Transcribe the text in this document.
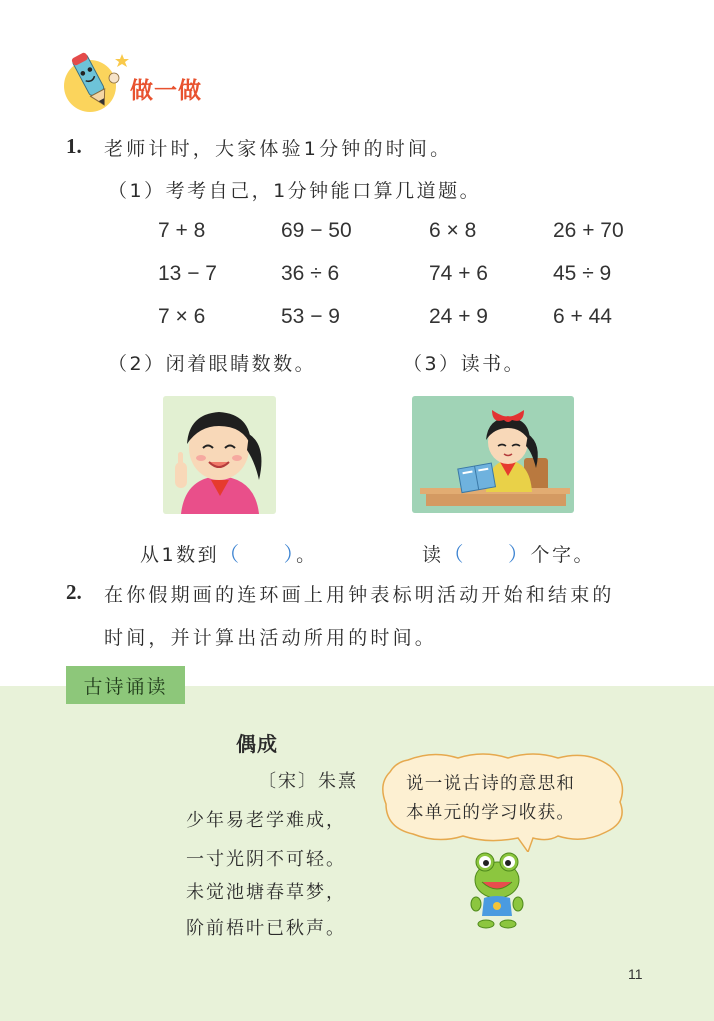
做一做
1. 老师计时，大家体验1分钟的时间。
（1）考考自己，1分钟能口算几道题。
7 + 8	69 − 50	6 × 8	26 + 70
13 − 7	36 ÷ 6	74 + 6	45 ÷ 9
7 × 6	53 − 9	24 + 9	6 + 44
（2）闭着眼睛数数。	（3）读书。
从1数到（ ）。	读（ ）个字。
2. 在你假期画的连环画上用钟表标明活动开始和结束的
时间，并计算出活动所用的时间。
古诗诵读
偶成
〔宋〕朱熹
少年易老学难成，
一寸光阴不可轻。
未觉池塘春草梦，
阶前梧叶已秋声。
说一说古诗的意思和
本单元的学习收获。
11
